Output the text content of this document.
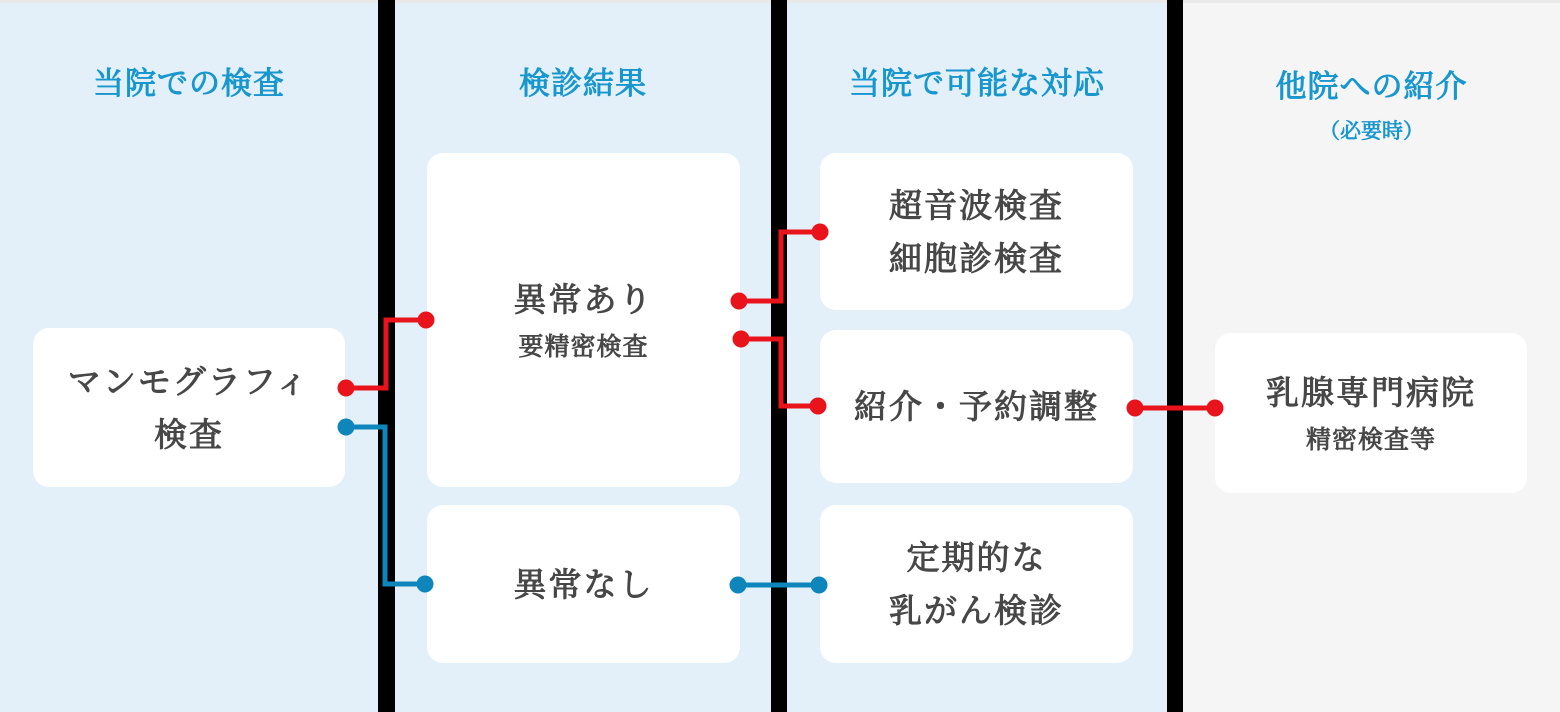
当院での検査	検診結果	当院で可能な対応	他院への紹介
（必要時）
マンモグラフィ
検査
異常あり
要精密検査
異常なし
超音波検査
細胞診検査
紹介・予約調整
定期的な
乳がん検診
乳腺専門病院
精密検査等
